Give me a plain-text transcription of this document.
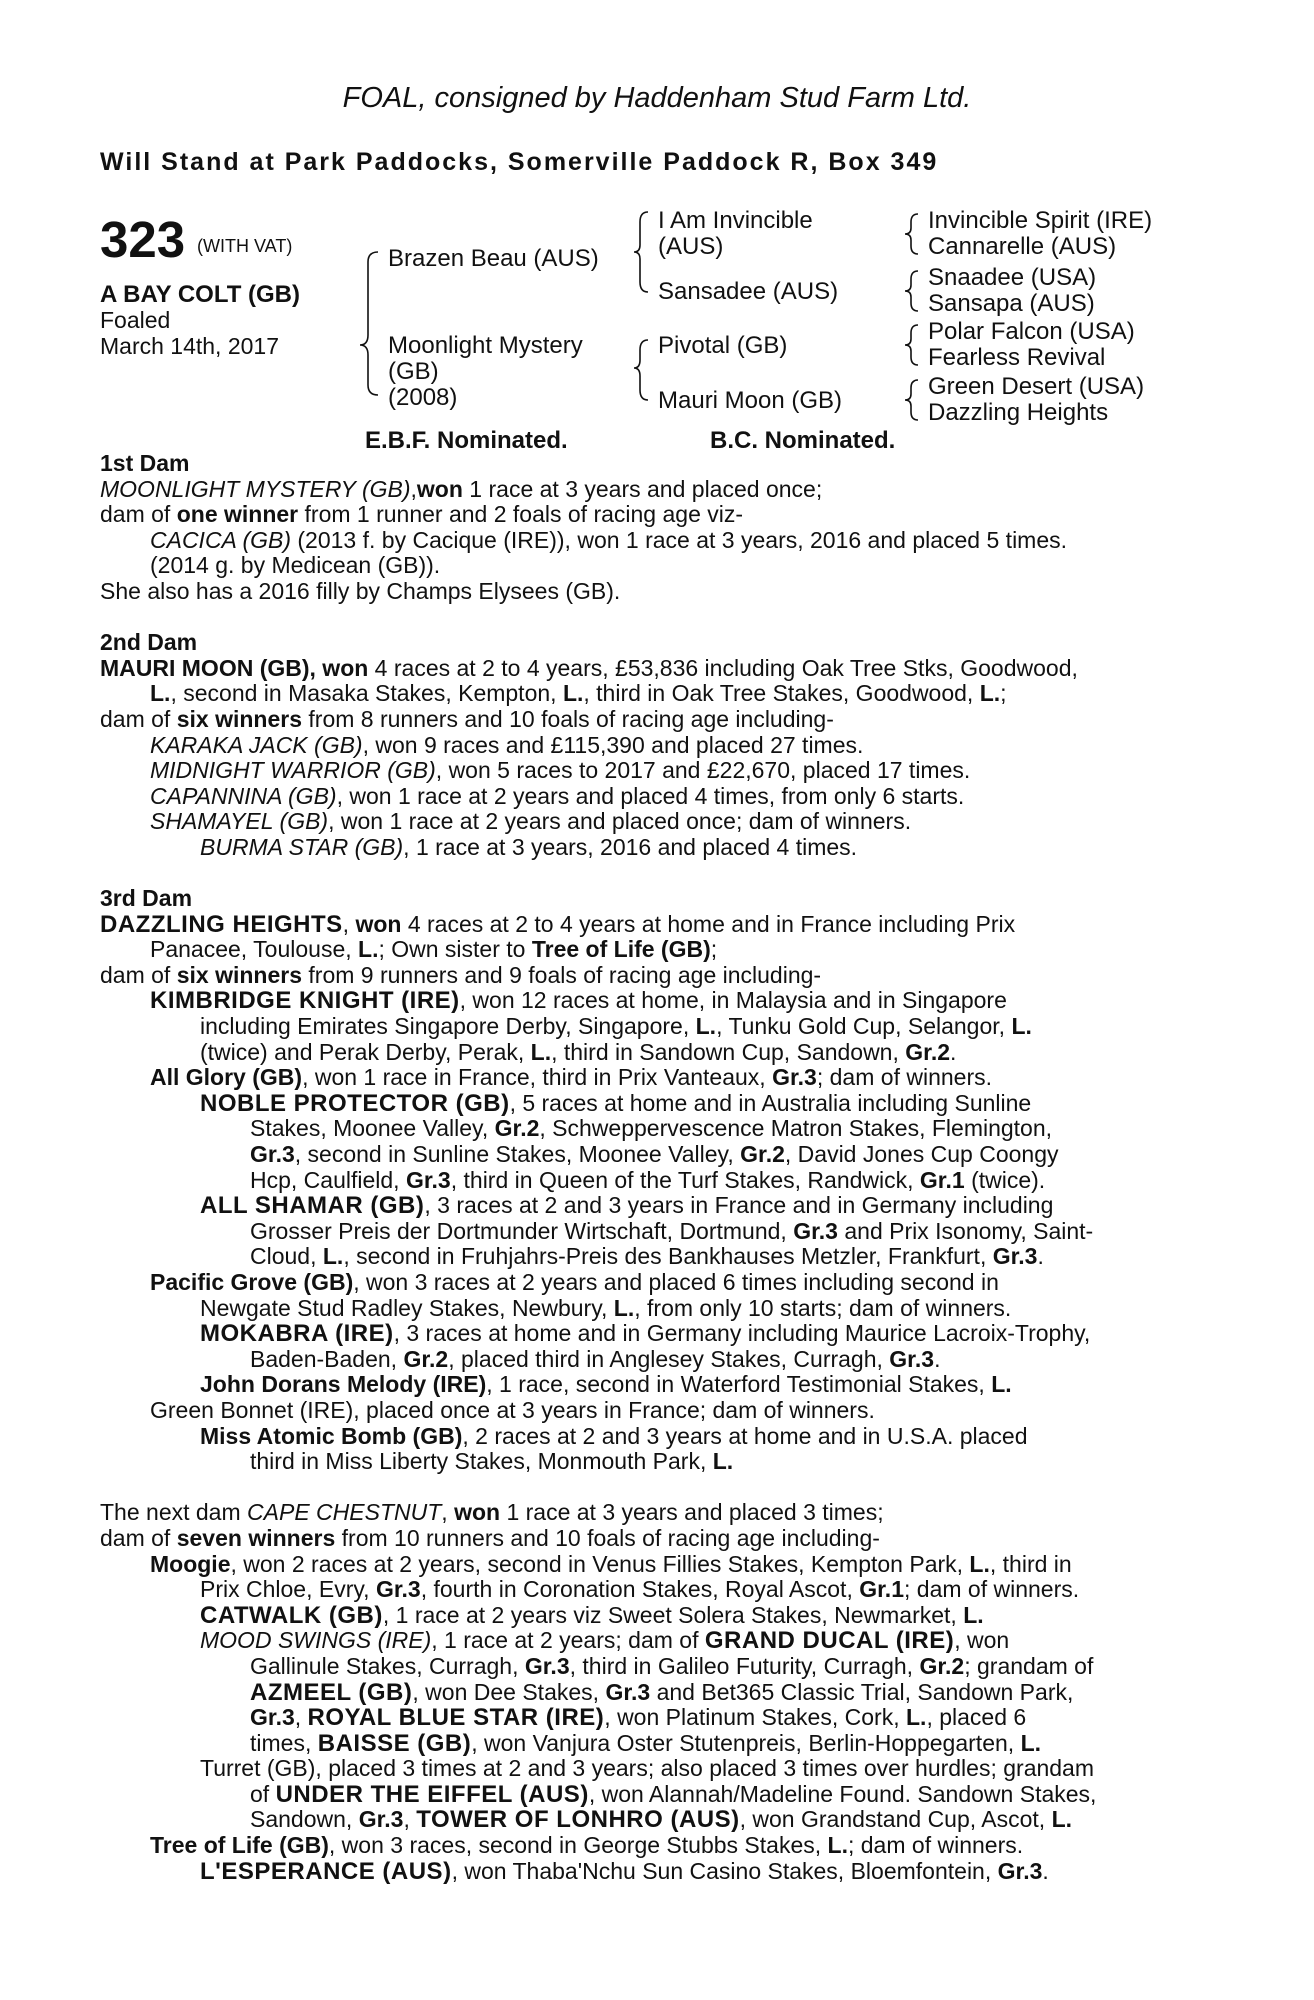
FOAL, consigned by Haddenham Stud Farm Ltd.
Will Stand at Park Paddocks, Somerville Paddock R, Box 349
323 (WITH VAT)
A BAY COLT (GB)
Foaled
March 14th, 2017
Brazen Beau (AUS)
Moonlight Mystery
(GB)
(2008)
I Am Invincible
(AUS)
Sansadee (AUS)
Pivotal (GB)
Mauri Moon (GB)
Invincible Spirit (IRE)
Cannarelle (AUS)
Snaadee (USA)
Sansapa (AUS)
Polar Falcon (USA)
Fearless Revival
Green Desert (USA)
Dazzling Heights
E.B.F. Nominated.	B.C. Nominated.
1st Dam
MOONLIGHT MYSTERY (GB),won 1 race at 3 years and placed once;
dam of one winner from 1 runner and 2 foals of racing age viz-
CACICA (GB) (2013 f. by Cacique (IRE)), won 1 race at 3 years, 2016 and placed 5 times.
(2014 g. by Medicean (GB)).
She also has a 2016 filly by Champs Elysees (GB).
2nd Dam
MAURI MOON (GB), won 4 races at 2 to 4 years, £53,836 including Oak Tree Stks, Goodwood,
L., second in Masaka Stakes, Kempton, L., third in Oak Tree Stakes, Goodwood, L.;
dam of six winners from 8 runners and 10 foals of racing age including-
KARAKA JACK (GB), won 9 races and £115,390 and placed 27 times.
MIDNIGHT WARRIOR (GB), won 5 races to 2017 and £22,670, placed 17 times.
CAPANNINA (GB), won 1 race at 2 years and placed 4 times, from only 6 starts.
SHAMAYEL (GB), won 1 race at 2 years and placed once; dam of winners.
BURMA STAR (GB), 1 race at 3 years, 2016 and placed 4 times.
3rd Dam
DAZZLING HEIGHTS, won 4 races at 2 to 4 years at home and in France including Prix
Panacee, Toulouse, L.; Own sister to Tree of Life (GB);
dam of six winners from 9 runners and 9 foals of racing age including-
KIMBRIDGE KNIGHT (IRE), won 12 races at home, in Malaysia and in Singapore
including Emirates Singapore Derby, Singapore, L., Tunku Gold Cup, Selangor, L.
(twice) and Perak Derby, Perak, L., third in Sandown Cup, Sandown, Gr.2.
All Glory (GB), won 1 race in France, third in Prix Vanteaux, Gr.3; dam of winners.
NOBLE PROTECTOR (GB), 5 races at home and in Australia including Sunline
Stakes, Moonee Valley, Gr.2, Schweppervescence Matron Stakes, Flemington,
Gr.3, second in Sunline Stakes, Moonee Valley, Gr.2, David Jones Cup Coongy
Hcp, Caulfield, Gr.3, third in Queen of the Turf Stakes, Randwick, Gr.1 (twice).
ALL SHAMAR (GB), 3 races at 2 and 3 years in France and in Germany including
Grosser Preis der Dortmunder Wirtschaft, Dortmund, Gr.3 and Prix Isonomy, Saint-
Cloud, L., second in Fruhjahrs-Preis des Bankhauses Metzler, Frankfurt, Gr.3.
Pacific Grove (GB), won 3 races at 2 years and placed 6 times including second in
Newgate Stud Radley Stakes, Newbury, L., from only 10 starts; dam of winners.
MOKABRA (IRE), 3 races at home and in Germany including Maurice Lacroix-Trophy,
Baden-Baden, Gr.2, placed third in Anglesey Stakes, Curragh, Gr.3.
John Dorans Melody (IRE), 1 race, second in Waterford Testimonial Stakes, L.
Green Bonnet (IRE), placed once at 3 years in France; dam of winners.
Miss Atomic Bomb (GB), 2 races at 2 and 3 years at home and in U.S.A. placed
third in Miss Liberty Stakes, Monmouth Park, L.
The next dam CAPE CHESTNUT, won 1 race at 3 years and placed 3 times;
dam of seven winners from 10 runners and 10 foals of racing age including-
Moogie, won 2 races at 2 years, second in Venus Fillies Stakes, Kempton Park, L., third in
Prix Chloe, Evry, Gr.3, fourth in Coronation Stakes, Royal Ascot, Gr.1; dam of winners.
CATWALK (GB), 1 race at 2 years viz Sweet Solera Stakes, Newmarket, L.
MOOD SWINGS (IRE), 1 race at 2 years; dam of GRAND DUCAL (IRE), won
Gallinule Stakes, Curragh, Gr.3, third in Galileo Futurity, Curragh, Gr.2; grandam of
AZMEEL (GB), won Dee Stakes, Gr.3 and Bet365 Classic Trial, Sandown Park,
Gr.3, ROYAL BLUE STAR (IRE), won Platinum Stakes, Cork, L., placed 6
times, BAISSE (GB), won Vanjura Oster Stutenpreis, Berlin-Hoppegarten, L.
Turret (GB), placed 3 times at 2 and 3 years; also placed 3 times over hurdles; grandam
of UNDER THE EIFFEL (AUS), won Alannah/Madeline Found. Sandown Stakes,
Sandown, Gr.3, TOWER OF LONHRO (AUS), won Grandstand Cup, Ascot, L.
Tree of Life (GB), won 3 races, second in George Stubbs Stakes, L.; dam of winners.
L'ESPERANCE (AUS), won Thaba'Nchu Sun Casino Stakes, Bloemfontein, Gr.3.
